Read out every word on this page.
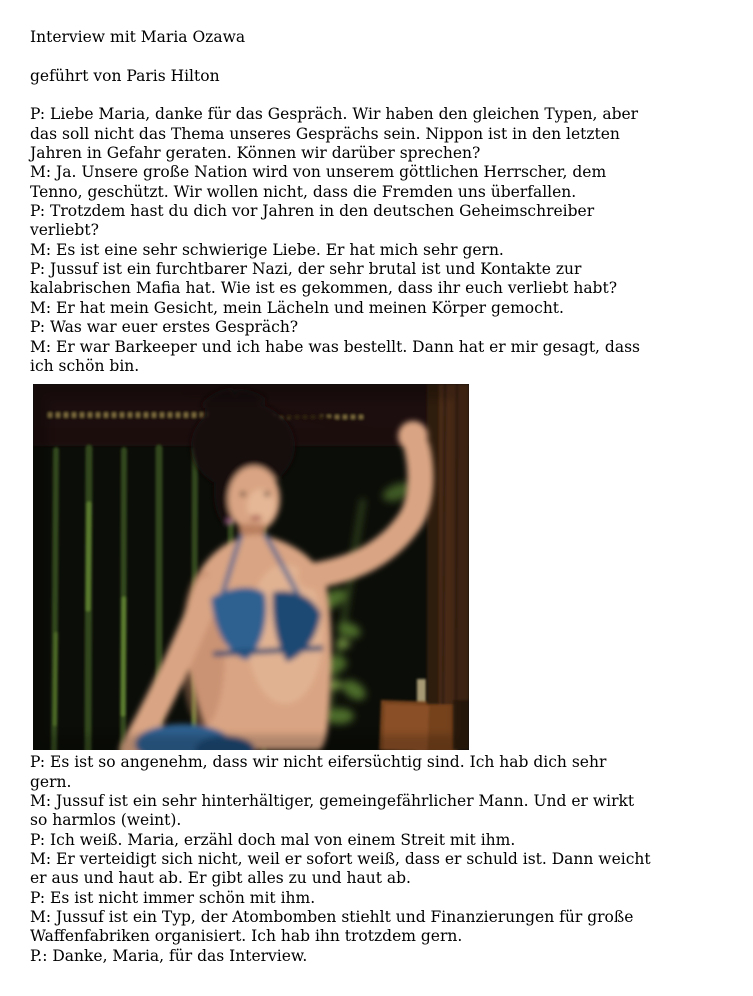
Interview mit Maria Ozawa
geführt von Paris Hilton
P: Liebe Maria, danke für das Gespräch. Wir haben den gleichen Typen, aber
das soll nicht das Thema unseres Gesprächs sein. Nippon ist in den letzten
Jahren in Gefahr geraten. Können wir darüber sprechen?
M: Ja. Unsere große Nation wird von unserem göttlichen Herrscher, dem
Tenno, geschützt. Wir wollen nicht, dass die Fremden uns überfallen.
P: Trotzdem hast du dich vor Jahren in den deutschen Geheimschreiber
verliebt?
M: Es ist eine sehr schwierige Liebe. Er hat mich sehr gern.
P: Jussuf ist ein furchtbarer Nazi, der sehr brutal ist und Kontakte zur
kalabrischen Mafia hat. Wie ist es gekommen, dass ihr euch verliebt habt?
M: Er hat mein Gesicht, mein Lächeln und meinen Körper gemocht.
P: Was war euer erstes Gespräch?
M: Er war Barkeeper und ich habe was bestellt. Dann hat er mir gesagt, dass
ich schön bin.
P: Es ist so angenehm, dass wir nicht eifersüchtig sind. Ich hab dich sehr
gern.
M: Jussuf ist ein sehr hinterhältiger, gemeingefährlicher Mann. Und er wirkt
so harmlos (weint).
P: Ich weiß. Maria, erzähl doch mal von einem Streit mit ihm.
M: Er verteidigt sich nicht, weil er sofort weiß, dass er schuld ist. Dann weicht
er aus und haut ab. Er gibt alles zu und haut ab.
P: Es ist nicht immer schön mit ihm.
M: Jussuf ist ein Typ, der Atombomben stiehlt und Finanzierungen für große
Waffenfabriken organisiert. Ich hab ihn trotzdem gern.
P.: Danke, Maria, für das Interview.
